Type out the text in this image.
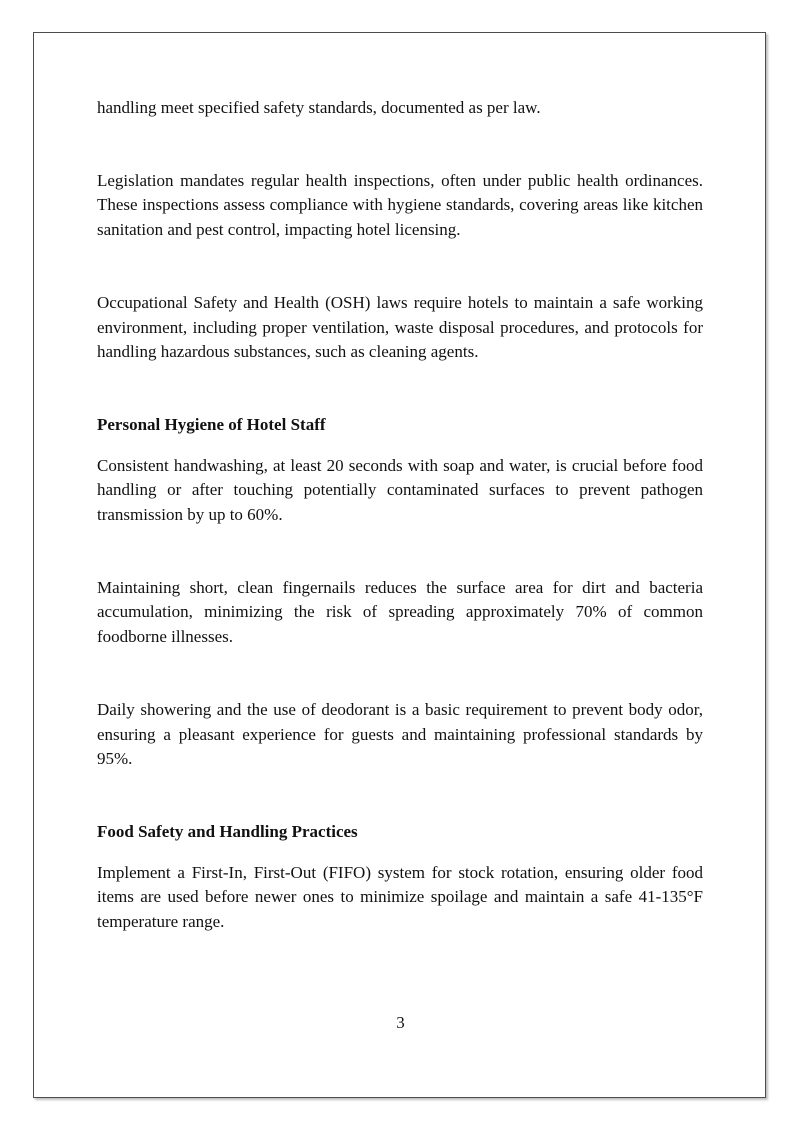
handling meet specified safety standards, documented as per law.

Legislation mandates regular health inspections, often under public health ordinances. These inspections assess compliance with hygiene standards, covering areas like kitchen sanitation and pest control, impacting hotel licensing.

Occupational Safety and Health (OSH) laws require hotels to maintain a safe working environment, including proper ventilation, waste disposal procedures, and protocols for handling hazardous substances, such as cleaning agents.

Personal Hygiene of Hotel Staff

Consistent handwashing, at least 20 seconds with soap and water, is crucial before food handling or after touching potentially contaminated surfaces to prevent pathogen transmission by up to 60%.

Maintaining short, clean fingernails reduces the surface area for dirt and bacteria accumulation, minimizing the risk of spreading approximately 70% of common foodborne illnesses.

Daily showering and the use of deodorant is a basic requirement to prevent body odor, ensuring a pleasant experience for guests and maintaining professional standards by 95%.

Food Safety and Handling Practices

Implement a First-In, First-Out (FIFO) system for stock rotation, ensuring older food items are used before newer ones to minimize spoilage and maintain a safe 41-135°F temperature range.

3
